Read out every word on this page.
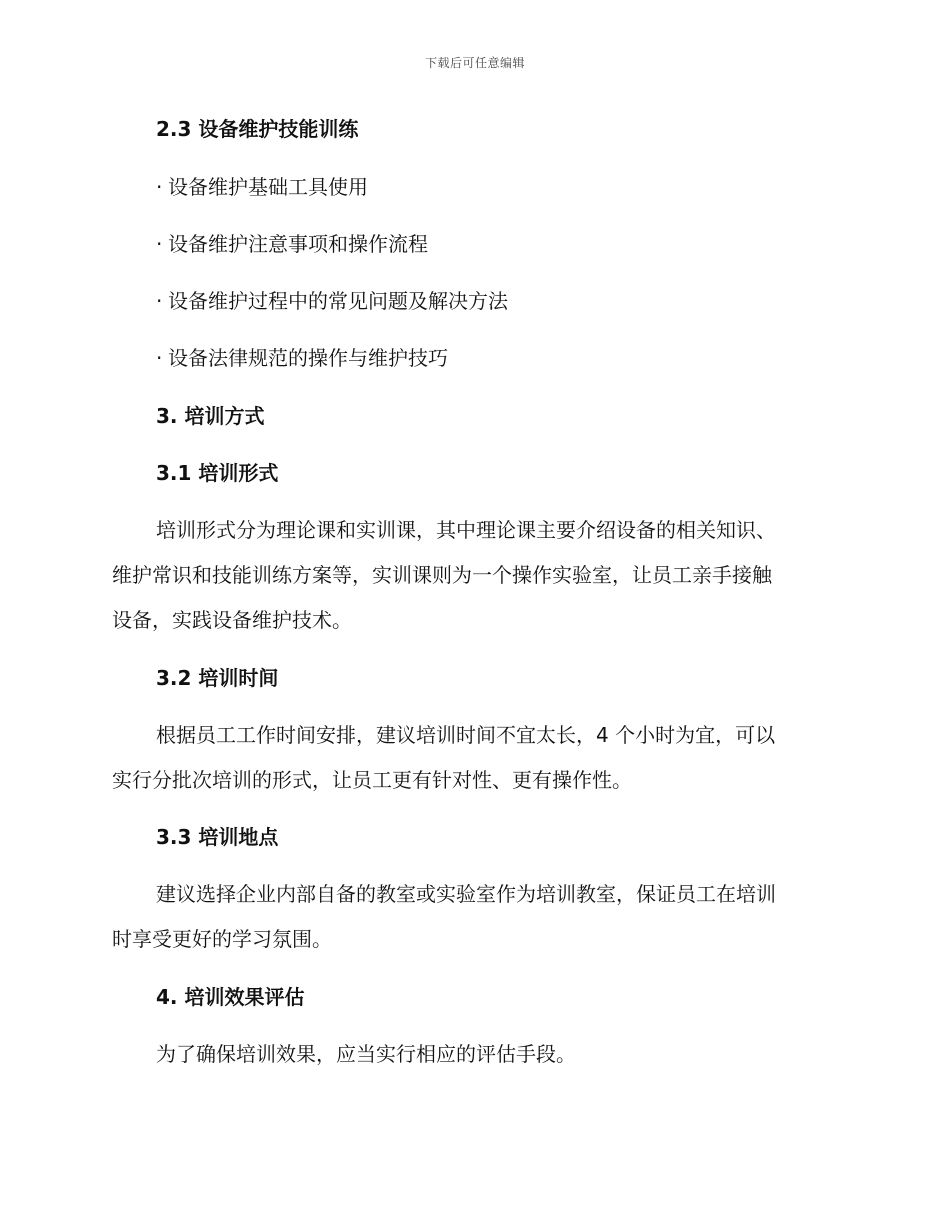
下载后可任意编辑
2.3 设备维护技能训练
· 设备维护基础工具使用
· 设备维护注意事项和操作流程
· 设备维护过程中的常见问题及解决方法
· 设备法律规范的操作与维护技巧
3. 培训方式
3.1 培训形式
培训形式分为理论课和实训课，其中理论课主要介绍设备的相关知识、
维护常识和技能训练方案等，实训课则为一个操作实验室，让员工亲手接触
设备，实践设备维护技术。
3.2 培训时间
根据员工工作时间安排，建议培训时间不宜太长，4 个小时为宜，可以
实行分批次培训的形式，让员工更有针对性、更有操作性。
3.3 培训地点
建议选择企业内部自备的教室或实验室作为培训教室，保证员工在培训
时享受更好的学习氛围。
4. 培训效果评估
为了确保培训效果，应当实行相应的评估手段。
